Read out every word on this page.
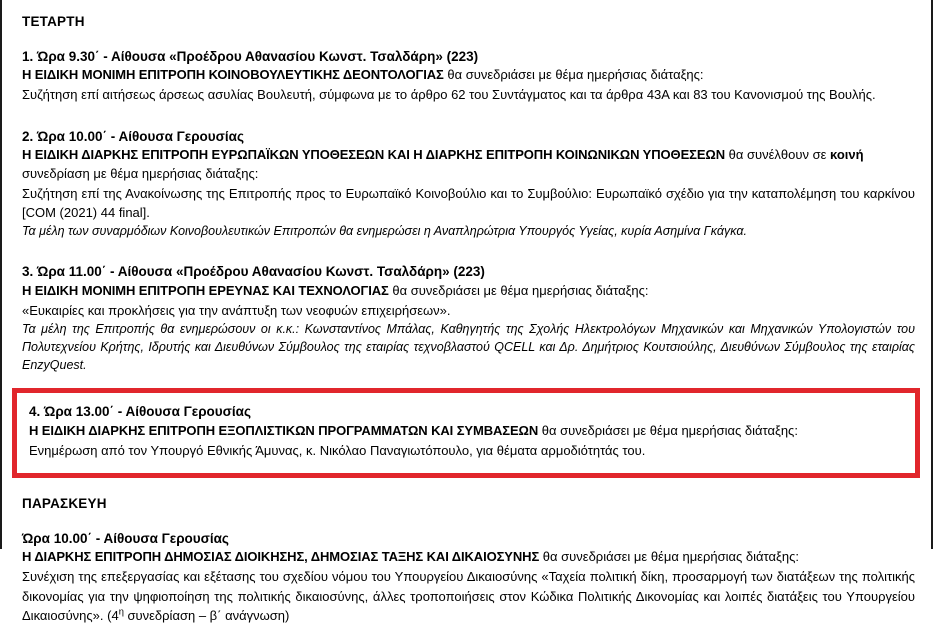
ΤΕΤΑΡΤΗ

1. Ώρα 9.30΄ - Αίθουσα «Προέδρου Αθανασίου Κωνστ. Τσαλδάρη» (223)

Η ΕΙΔΙΚΗ ΜΟΝΙΜΗ ΕΠΙΤΡΟΠΗ ΚΟΙΝΟΒΟΥΛΕΥΤΙΚΗΣ ΔΕΟΝΤΟΛΟΓΙΑΣ θα συνεδριάσει με θέμα ημερήσιας διάταξης:

Συζήτηση επί αιτήσεως άρσεως ασυλίας Βουλευτή, σύμφωνα με το άρθρο 62 του Συντάγματος και τα άρθρα 43Α και 83 του Κανονισμού της Βουλής.

2. Ώρα 10.00΄ - Αίθουσα Γερουσίας

Η ΕΙΔΙΚΗ ΔΙΑΡΚΗΣ ΕΠΙΤΡΟΠΗ ΕΥΡΩΠΑΪΚΩΝ ΥΠΟΘΕΣΕΩΝ ΚΑΙ Η ΔΙΑΡΚΗΣ ΕΠΙΤΡΟΠΗ ΚΟΙΝΩΝΙΚΩΝ ΥΠΟΘΕΣΕΩΝ θα συνέλθουν σε κοινή συνεδρίαση με θέμα ημερήσιας διάταξης:

Συζήτηση επί της Ανακοίνωσης της Επιτροπής προς το Ευρωπαϊκό Κοινοβούλιο και το Συμβούλιο: Ευρωπαϊκό σχέδιο για την καταπολέμηση του καρκίνου [COM (2021) 44 final].

Τα μέλη των συναρμόδιων Κοινοβουλευτικών Επιτροπών θα ενημερώσει η Αναπληρώτρια Υπουργός Υγείας, κυρία Ασημίνα Γκάγκα.

3. Ώρα 11.00΄ - Αίθουσα «Προέδρου Αθανασίου Κωνστ. Τσαλδάρη» (223)

Η ΕΙΔΙΚΗ ΜΟΝΙΜΗ ΕΠΙΤΡΟΠΗ ΕΡΕΥΝΑΣ ΚΑΙ ΤΕΧΝΟΛΟΓΙΑΣ θα συνεδριάσει με θέμα ημερήσιας διάταξης:

«Ευκαιρίες και προκλήσεις για την ανάπτυξη των νεοφυών επιχειρήσεων».

Τα μέλη της Επιτροπής θα ενημερώσουν οι κ.κ.: Κωνσταντίνος Μπάλας, Καθηγητής της Σχολής Ηλεκτρολόγων Μηχανικών και Μηχανικών Υπολογιστών του Πολυτεχνείου Κρήτης, Ιδρυτής και Διευθύνων Σύμβουλος της εταιρίας τεχνοβλαστού QCELL και Δρ. Δημήτριος Κουτσιούλης, Διευθύνων Σύμβουλος της εταιρίας EnzyQuest.

4. Ώρα 13.00΄ - Αίθουσα Γερουσίας

Η ΕΙΔΙΚΗ ΔΙΑΡΚΗΣ ΕΠΙΤΡΟΠΗ ΕΞΟΠΛΙΣΤΙΚΩΝ ΠΡΟΓΡΑΜΜΑΤΩΝ ΚΑΙ ΣΥΜΒΑΣΕΩΝ θα συνεδριάσει με θέμα ημερήσιας διάταξης:

Ενημέρωση από τον Υπουργό Εθνικής Άμυνας, κ. Νικόλαο Παναγιωτόπουλο, για θέματα αρμοδιότητάς του.

ΠΑΡΑΣΚΕΥΗ

Ώρα 10.00΄ - Αίθουσα Γερουσίας

Η ΔΙΑΡΚΗΣ ΕΠΙΤΡΟΠΗ ΔΗΜΟΣΙΑΣ ΔΙΟΙΚΗΣΗΣ, ΔΗΜΟΣΙΑΣ ΤΑΞΗΣ ΚΑΙ ΔΙΚΑΙΟΣΥΝΗΣ θα συνεδριάσει με θέμα ημερήσιας διάταξης:

Συνέχιση της επεξεργασίας και εξέτασης του σχεδίου νόμου του Υπουργείου Δικαιοσύνης «Ταχεία πολιτική δίκη, προσαρμογή των διατάξεων της πολιτικής δικονομίας για την ψηφιοποίηση της πολιτικής δικαιοσύνης, άλλες τροποποιήσεις στον Κώδικα Πολιτικής Δικονομίας και λοιπές διατάξεις του Υπουργείου Δικαιοσύνης». ($4^\eta$ συνεδρίαση – β΄ ανάγνωση)
